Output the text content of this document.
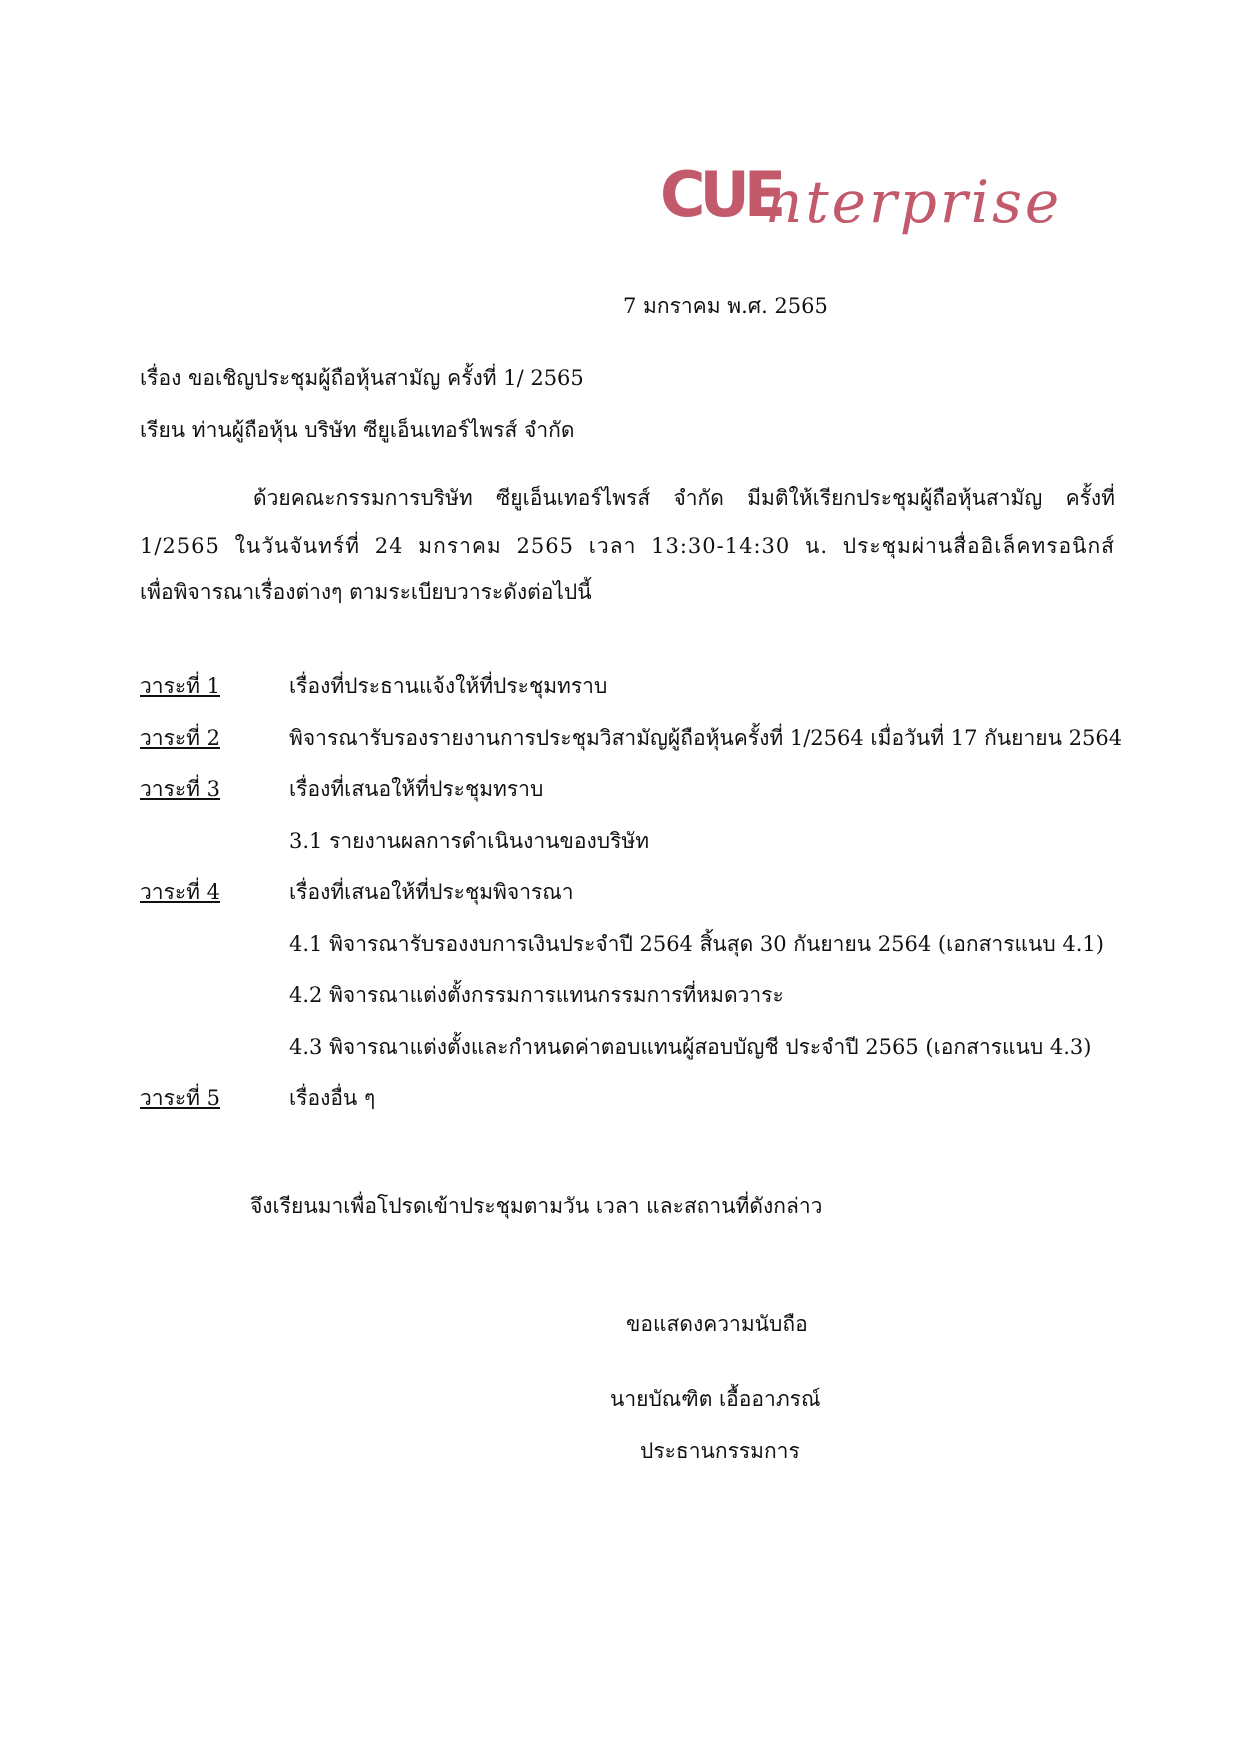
CUE
nterprise
7 มกราคม พ.ศ. 2565
เรื่อง ขอเชิญประชุมผู้ถือหุ้นสามัญ ครั้งที่ 1/ 2565
เรียน ท่านผู้ถือหุ้น บริษัท ซียูเอ็นเทอร์ไพรส์ จำกัด
ด้วยคณะกรรมการบริษัท ซียูเอ็นเทอร์ไพรส์ จำกัด มีมติให้เรียกประชุมผู้ถือหุ้นสามัญ ครั้งที่
1/2565 ในวันจันทร์ที่ 24 มกราคม 2565 เวลา 13:30-14:30 น. ประชุมผ่านสื่ออิเล็คทรอนิกส์
เพื่อพิจารณาเรื่องต่างๆ ตามระเบียบวาระดังต่อไปนี้
วาระที่ 1	เรื่องที่ประธานแจ้งให้ที่ประชุมทราบ
วาระที่ 2	พิจารณารับรองรายงานการประชุมวิสามัญผู้ถือหุ้นครั้งที่ 1/2564 เมื่อวันที่ 17 กันยายน 2564
วาระที่ 3	เรื่องที่เสนอให้ที่ประชุมทราบ
3.1 รายงานผลการดำเนินงานของบริษัท
วาระที่ 4	เรื่องที่เสนอให้ที่ประชุมพิจารณา
4.1 พิจารณารับรองงบการเงินประจำปี 2564 สิ้นสุด 30 กันยายน 2564 (เอกสารแนบ 4.1)
4.2 พิจารณาแต่งตั้งกรรมการแทนกรรมการที่หมดวาระ
4.3 พิจารณาแต่งตั้งและกำหนดค่าตอบแทนผู้สอบบัญชี ประจำปี 2565 (เอกสารแนบ 4.3)
วาระที่ 5	เรื่องอื่น ๆ
จึงเรียนมาเพื่อโปรดเข้าประชุมตามวัน เวลา และสถานที่ดังกล่าว
ขอแสดงความนับถือ
นายบัณฑิต เอื้ออาภรณ์
ประธานกรรมการ
